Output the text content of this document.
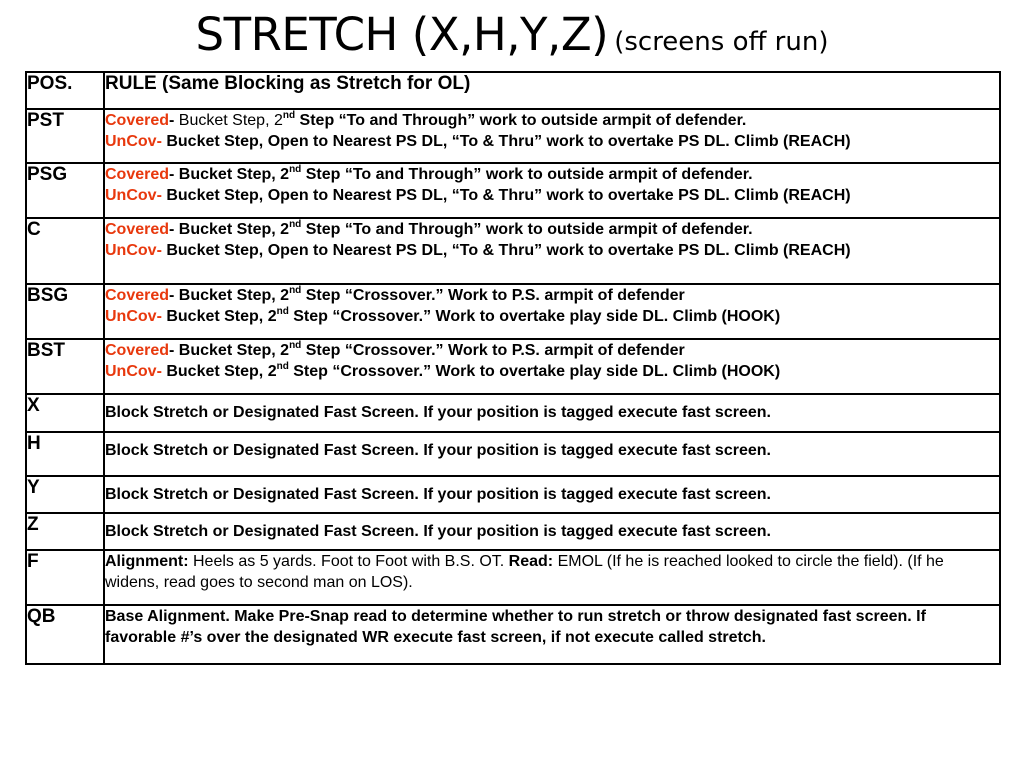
STRETCH (X,H,Y,Z) (screens off run)
POS.	RULE (Same Blocking as Stretch for OL)
PST	Covered- Bucket Step, 2nd Step “To and Through” work to outside armpit of defender.
UnCov- Bucket Step, Open to Nearest PS DL, “To & Thru” work to overtake PS DL. Climb (REACH)

PSG	Covered- Bucket Step, 2nd Step “To and Through” work to outside armpit of defender.
UnCov- Bucket Step, Open to Nearest PS DL, “To & Thru” work to overtake PS DL. Climb (REACH)

C	Covered- Bucket Step, 2nd Step “To and Through” work to outside armpit of defender.
UnCov- Bucket Step, Open to Nearest PS DL, “To & Thru” work to overtake PS DL. Climb (REACH)

BSG	Covered- Bucket Step, 2nd Step “Crossover.” Work to P.S. armpit of defender
UnCov- Bucket Step, 2nd Step “Crossover.” Work to overtake play side DL. Climb (HOOK)

BST	Covered- Bucket Step, 2nd Step “Crossover.” Work to P.S. armpit of defender
UnCov- Bucket Step, 2nd Step “Crossover.” Work to overtake play side DL. Climb (HOOK)

X	Block Stretch or Designated Fast Screen. If your position is tagged execute fast screen.
H	Block Stretch or Designated Fast Screen. If your position is tagged execute fast screen.
Y	Block Stretch or Designated Fast Screen. If your position is tagged execute fast screen.
Z	Block Stretch or Designated Fast Screen. If your position is tagged execute fast screen.
F	Alignment: Heels as 5 yards. Foot to Foot with B.S. OT. Read: EMOL (If he is reached looked to circle the field). (If he widens, read goes to second man on LOS).
QB	Base Alignment. Make Pre-Snap read to determine whether to run stretch or throw designated fast screen. If favorable #’s over the designated WR execute fast screen, if not execute called stretch.
